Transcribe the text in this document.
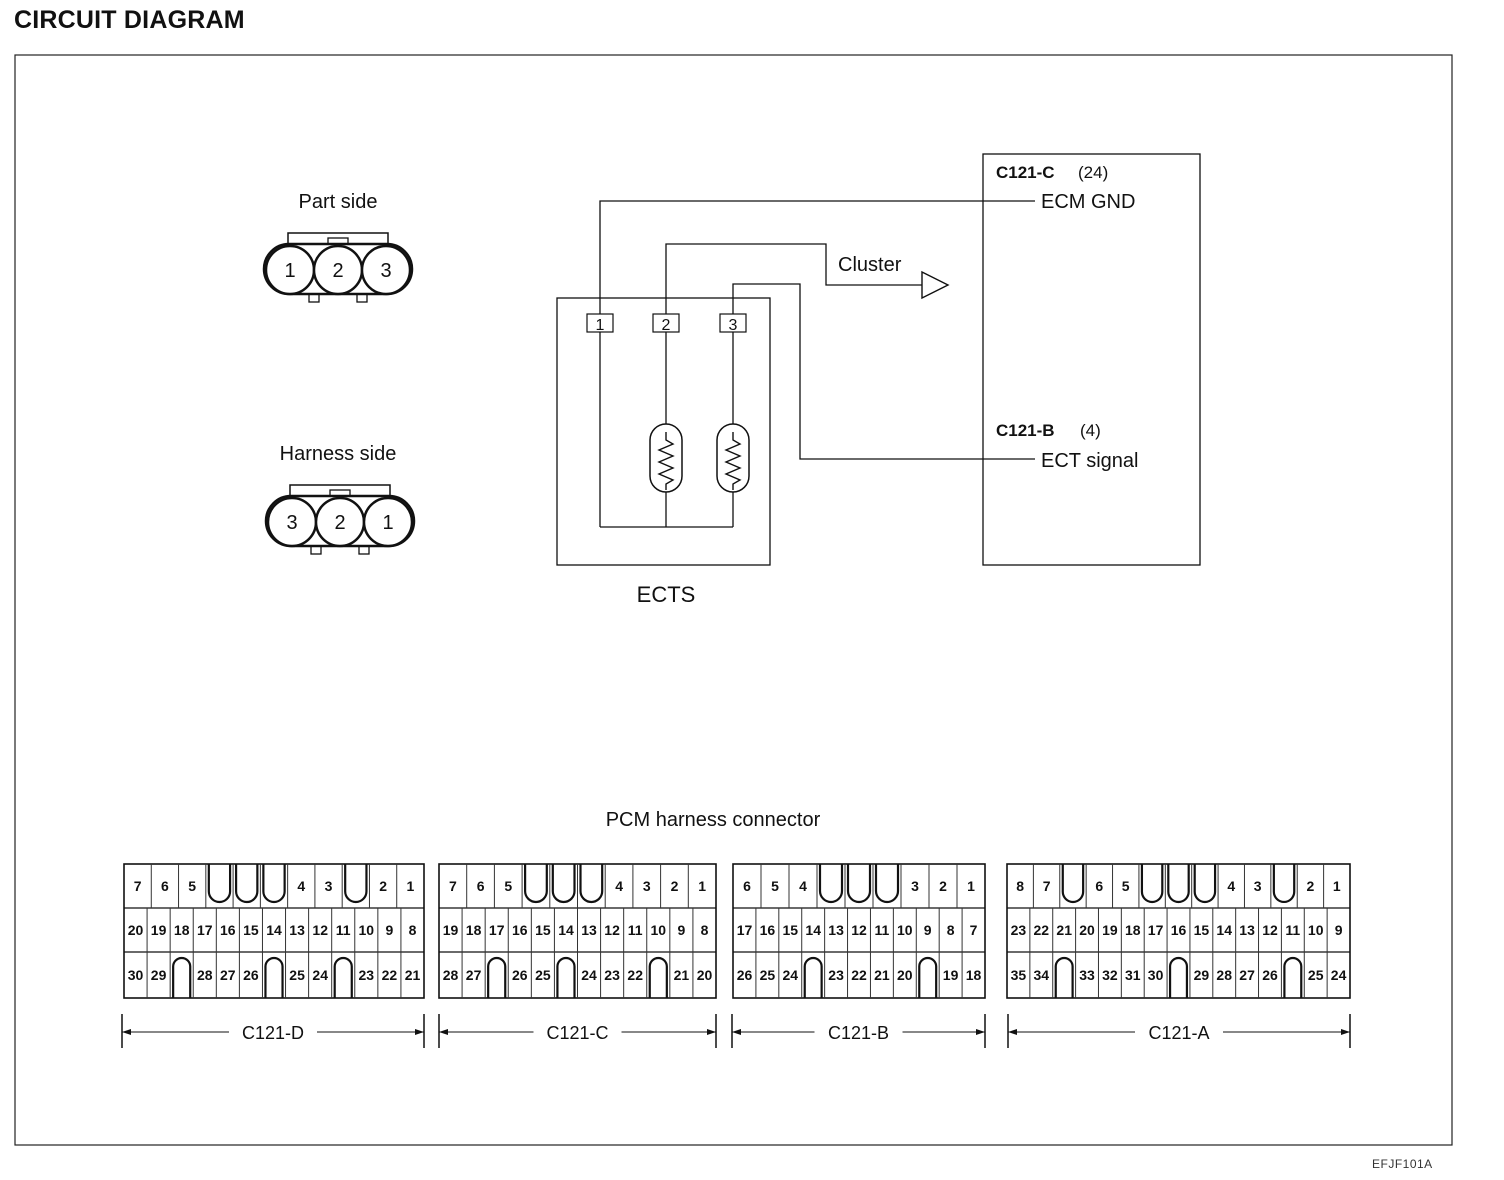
CIRCUIT DIAGRAM
Part side
1 2 3
Harness side
3 2 1
1	2	3
ECTS
Cluster
C121-C (24)
ECM GND
C121-B (4)
ECT signal
PCM harness connector
7 6 5	4 3	2 1
20 19 18 17 16 15 14 13 12 11 10 9 8
30 29 28 27 26 25 24 23 22 21
C121-D
7 6 5	4 3 2 1
19 18 17 16 15 14 13 12 11 10 9 8
28 27 26 25 24 23 22 21 20
C121-C
6 5 4	3 2 1
17 16 15 14 13 12 11 10 9 8 7
26 25 24 23 22 21 20 19 18
C121-B
8 7	6 5	4 3	2 1
23 22 21 20 19 18 17 16 15 14 13 12 11 10 9
35 34 33 32 31 30 29 28 27 26 25 24
C121-A
EFJF101A
